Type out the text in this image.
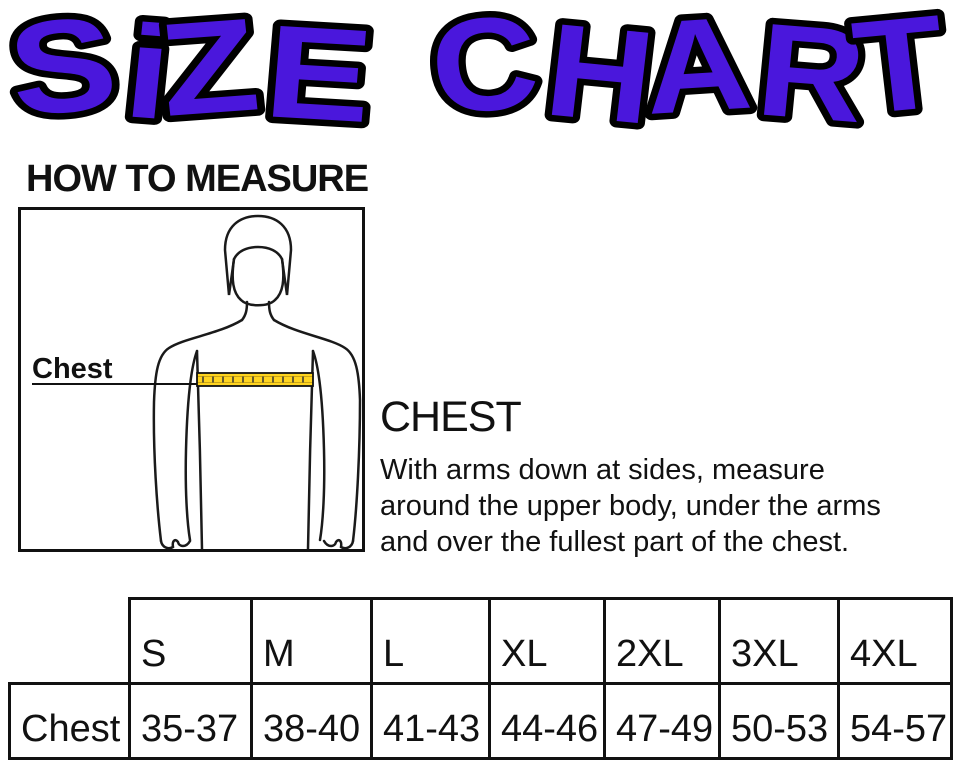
SiZE CHART
HOW TO MEASURE
Chest
CHEST
With arms down at sides, measure
around the upper body, under the arms
and over the fullest part of the chest.
	S	M	L	XL	2XL	3XL	4XL
Chest	35-37	38-40	41-43	44-46	47-49	50-53	54-57
